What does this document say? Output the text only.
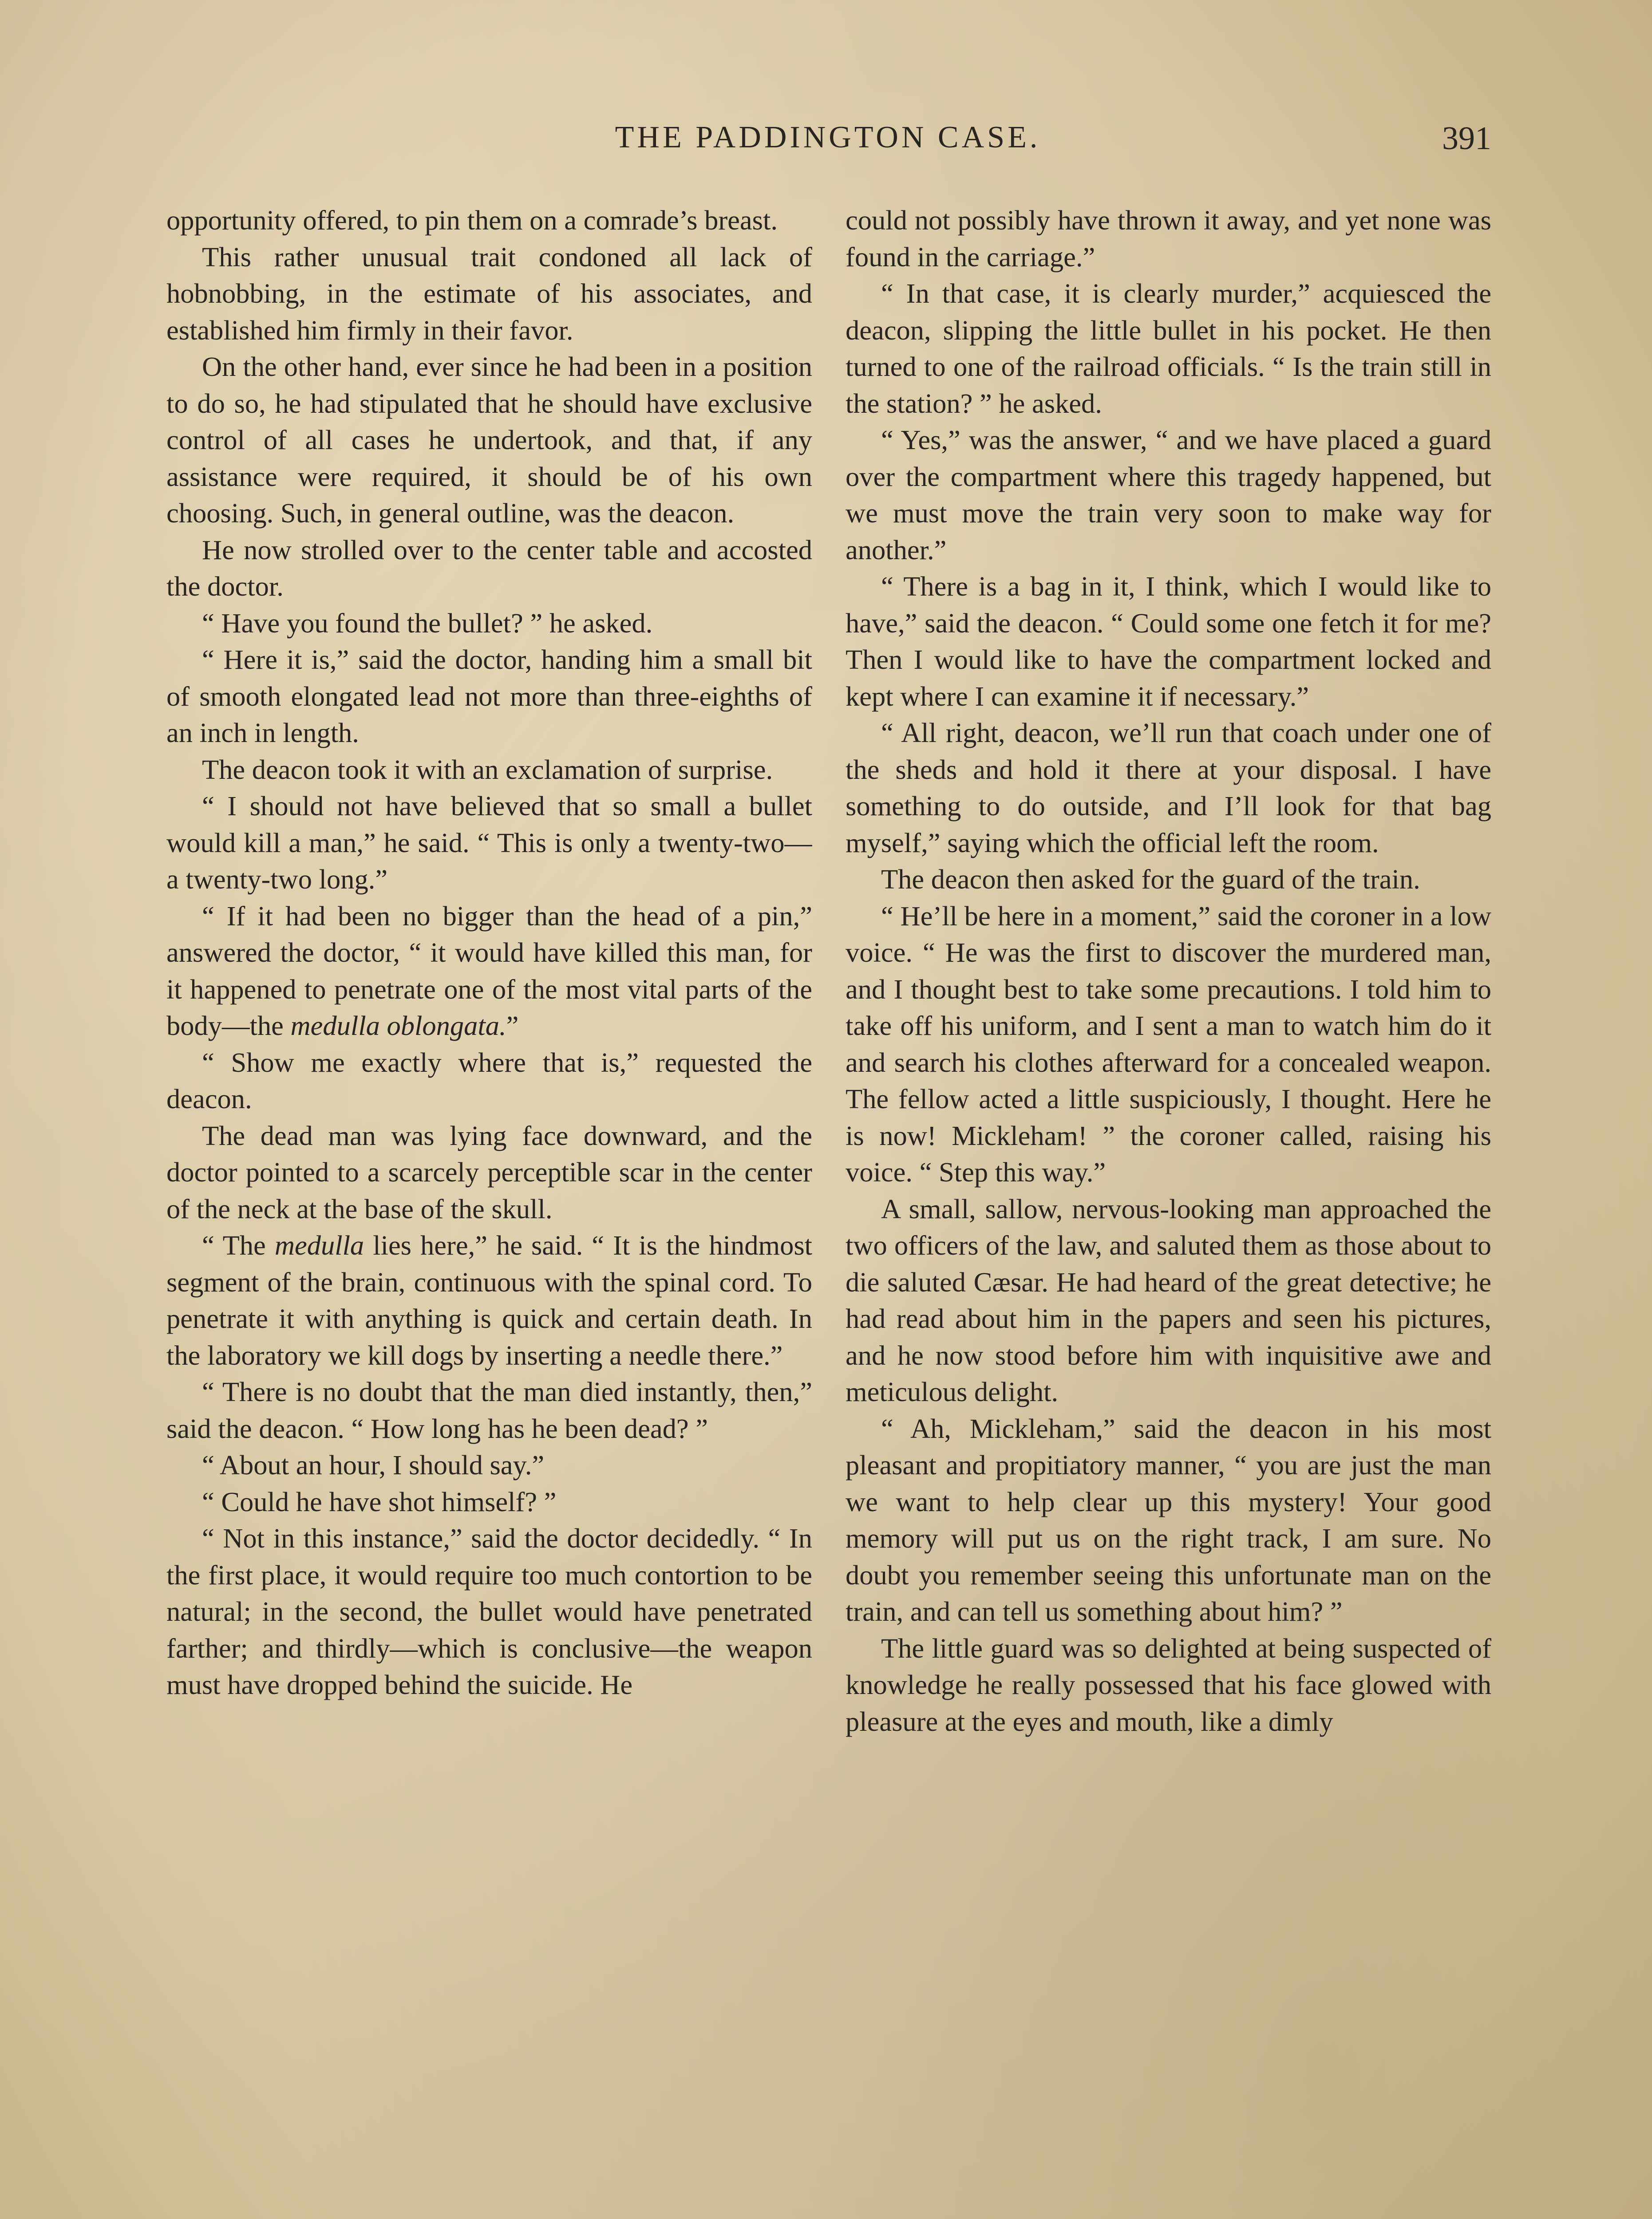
THE PADDINGTON CASE.	391

opportunity offered, to pin them on a comrade’s breast.

This rather unusual trait condoned all lack of hobnobbing, in the estimate of his associates, and established him firmly in their favor.

On the other hand, ever since he had been in a position to do so, he had stipulated that he should have exclusive control of all cases he undertook, and that, if any assistance were required, it should be of his own choosing. Such, in general outline, was the deacon.

He now strolled over to the center table and accosted the doctor.

“ Have you found the bullet? ” he asked.

“ Here it is,” said the doctor, handing him a small bit of smooth elongated lead not more than three-eighths of an inch in length.

The deacon took it with an exclamation of surprise.

“ I should not have believed that so small a bullet would kill a man,” he said. “ This is only a twenty-two—a twenty-two long.”

“ If it had been no bigger than the head of a pin,” answered the doctor, “ it would have killed this man, for it happened to penetrate one of the most vital parts of the body—the medulla oblongata.”

“ Show me exactly where that is,” requested the deacon.

The dead man was lying face downward, and the doctor pointed to a scarcely perceptible scar in the center of the neck at the base of the skull.

“ The medulla lies here,” he said. “ It is the hindmost segment of the brain, continuous with the spinal cord. To penetrate it with anything is quick and certain death. In the laboratory we kill dogs by inserting a needle there.”

“ There is no doubt that the man died instantly, then,” said the deacon. “ How long has he been dead? ”

“ About an hour, I should say.”

“ Could he have shot himself? ”

“ Not in this instance,” said the doctor decidedly. “ In the first place, it would require too much contortion to be natural; in the second, the bullet would have penetrated farther; and thirdly—which is conclusive—the weapon must have dropped behind the suicide. He

could not possibly have thrown it away, and yet none was found in the carriage.”

“ In that case, it is clearly murder,” acquiesced the deacon, slipping the little bullet in his pocket. He then turned to one of the railroad officials. “ Is the train still in the station? ” he asked.

“ Yes,” was the answer, “ and we have placed a guard over the compartment where this tragedy happened, but we must move the train very soon to make way for another.”

“ There is a bag in it, I think, which I would like to have,” said the deacon. “ Could some one fetch it for me? Then I would like to have the compartment locked and kept where I can examine it if necessary.”

“ All right, deacon, we’ll run that coach under one of the sheds and hold it there at your disposal. I have something to do outside, and I’ll look for that bag myself,” saying which the official left the room.

The deacon then asked for the guard of the train.

“ He’ll be here in a moment,” said the coroner in a low voice. “ He was the first to discover the murdered man, and I thought best to take some precautions. I told him to take off his uniform, and I sent a man to watch him do it and search his clothes afterward for a concealed weapon. The fellow acted a little suspiciously, I thought. Here he is now! Mickleham! ” the coroner called, raising his voice. “ Step this way.”

A small, sallow, nervous-looking man approached the two officers of the law, and saluted them as those about to die saluted Cæsar. He had heard of the great detective; he had read about him in the papers and seen his pictures, and he now stood before him with inquisitive awe and meticulous delight.

“ Ah, Mickleham,” said the deacon in his most pleasant and propitiatory manner, “ you are just the man we want to help clear up this mystery! Your good memory will put us on the right track, I am sure. No doubt you remember seeing this unfortunate man on the train, and can tell us something about him? ”

The little guard was so delighted at being suspected of knowledge he really possessed that his face glowed with pleasure at the eyes and mouth, like a dimly
